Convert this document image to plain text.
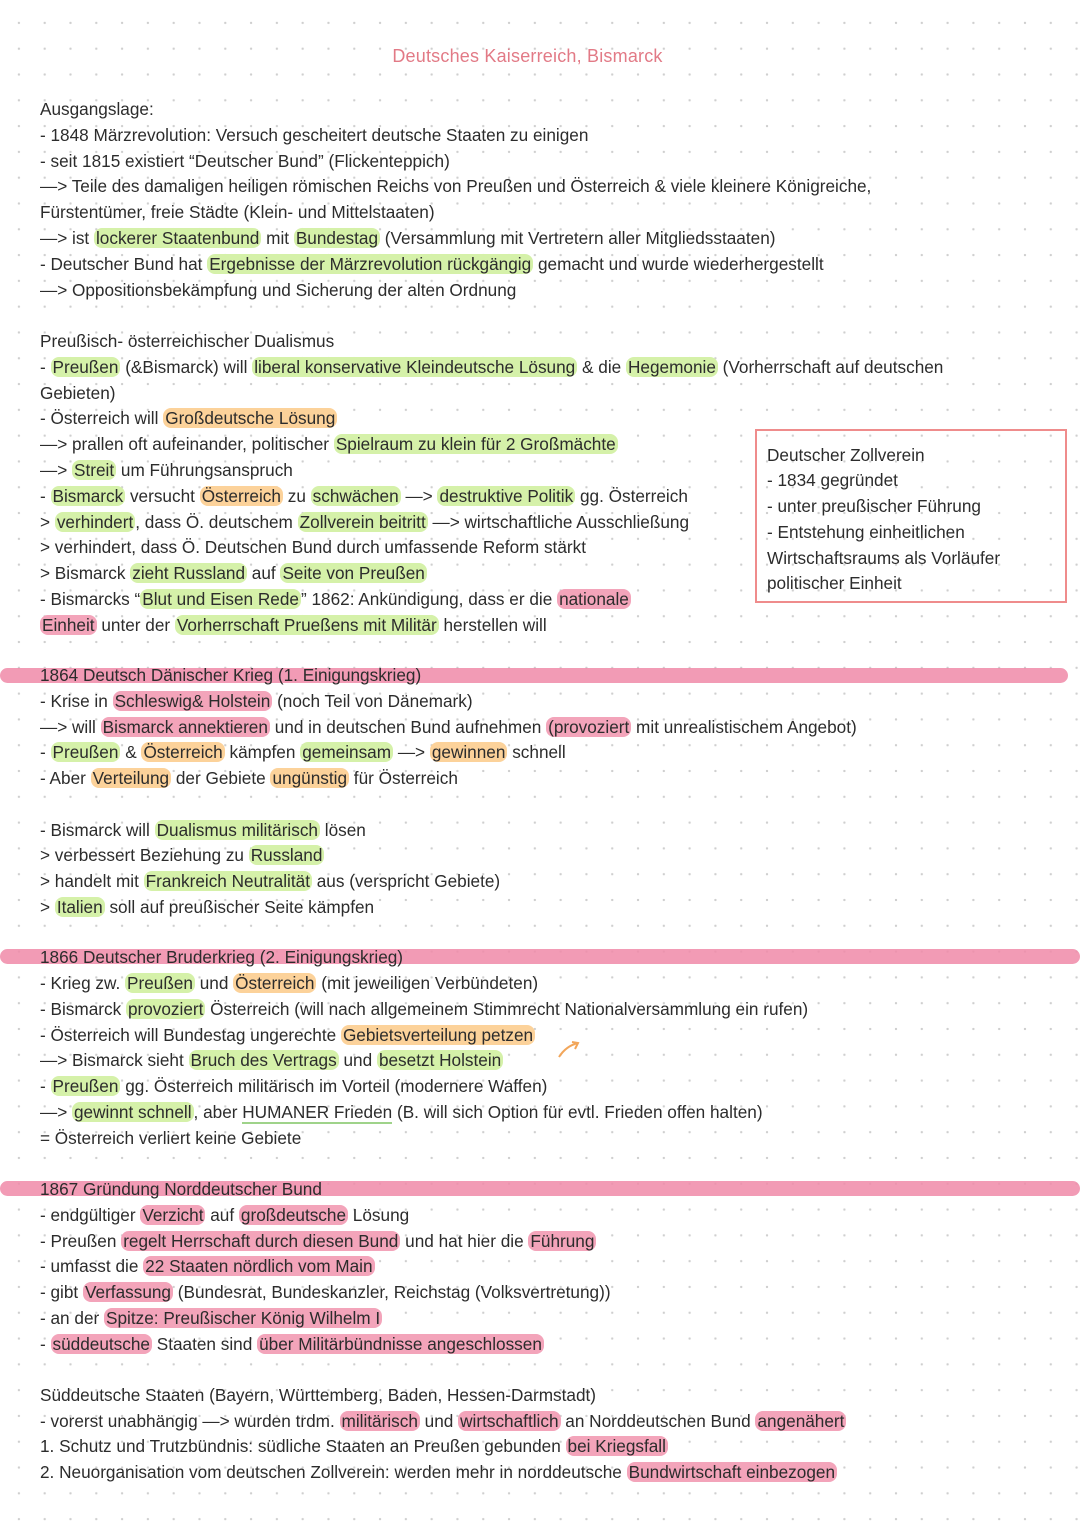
Deutsches Kaiserreich, Bismarck
Ausgangslage:
- 1848 Märzrevolution: Versuch gescheitert deutsche Staaten zu einigen
- seit 1815 existiert “Deutscher Bund” (Flickenteppich)
—> Teile des damaligen heiligen römischen Reichs von Preußen und Österreich & viele kleinere Königreiche,
Fürstentümer, freie Städte (Klein- und Mittelstaaten)
—> ist lockerer Staatenbund mit Bundestag (Versammlung mit Vertretern aller Mitgliedsstaaten)
- Deutscher Bund hat Ergebnisse der Märzrevolution rückgängig gemacht und wurde wiederhergestellt
—> Oppositionsbekämpfung und Sicherung der alten Ordnung
Preußisch- österreichischer Dualismus
- Preußen (&Bismarck) will liberal konservative Kleindeutsche Lösung & die Hegemonie (Vorherrschaft auf deutschen
Gebieten)
- Österreich will Großdeutsche Lösung
—> prallen oft aufeinander, politischer Spielraum zu klein für 2 Großmächte
—> Streit um Führungsanspruch
- Bismarck versucht Österreich zu schwächen —> destruktive Politik gg. Österreich
> verhindert , dass Ö. deutschem Zollverein beitritt —> wirtschaftliche Ausschließung
> verhindert, dass Ö. Deutschen Bund durch umfassende Reform stärkt
> Bismarck zieht Russland auf Seite von Preußen
- Bismarcks “ Blut und Eisen Rede ” 1862: Ankündigung, dass er die nationale
Einheit unter der Vorherrschaft Prueßens mit Militär herstellen will
Deutscher Zollverein
- 1834 gegründet
- unter preußischer Führung
- Entstehung einheitlichen
Wirtschaftsraums als Vorläufer
politischer Einheit
1864 Deutsch Dänischer Krieg (1. Einigungskrieg)
- Krise in Schleswig& Holstein (noch Teil von Dänemark)
—> will Bismarck annektieren und in deutschen Bund aufnehmen (provoziert mit unrealistischem Angebot)
- Preußen & Österreich kämpfen gemeinsam —> gewinnen schnell
- Aber Verteilung der Gebiete ungünstig für Österreich
- Bismarck will Dualismus militärisch lösen
> verbessert Beziehung zu Russland
> handelt mit Frankreich Neutralität aus (verspricht Gebiete)
> Italien soll auf preußischer Seite kämpfen
1866 Deutscher Bruderkrieg (2. Einigungskrieg)
- Krieg zw. Preußen und Österreich (mit jeweiligen Verbündeten)
- Bismarck provoziert Österreich (will nach allgemeinem Stimmrecht Nationalversammlung ein rufen)
- Österreich will Bundestag ungerechte Gebietsverteilung petzen
—> Bismarck sieht Bruch des Vertrags und besetzt Holstein
- Preußen gg. Österreich militärisch im Vorteil (modernere Waffen)
—> gewinnt schnell , aber HUMANER Frieden (B. will sich Option für evtl. Frieden offen halten)
= Österreich verliert keine Gebiete
1867 Gründung Norddeutscher Bund
- endgültiger Verzicht auf großdeutsche Lösung
- Preußen regelt Herrschaft durch diesen Bund und hat hier die Führung
- umfasst die 22 Staaten nördlich vom Main
- gibt Verfassung (Bundesrat, Bundeskanzler, Reichstag (Volksvertretung))
- an der Spitze: Preußischer König Wilhelm I
- süddeutsche Staaten sind über Militärbündnisse angeschlossen
Süddeutsche Staaten (Bayern, Württemberg, Baden, Hessen-Darmstadt)
- vorerst unabhängig —> wurden trdm. militärisch und wirtschaftlich an Norddeutschen Bund angenähert
1. Schutz und Trutzbündnis: südliche Staaten an Preußen gebunden bei Kriegsfall
2. Neuorganisation vom deutschen Zollverein: werden mehr in norddeutsche Bundwirtschaft einbezogen
